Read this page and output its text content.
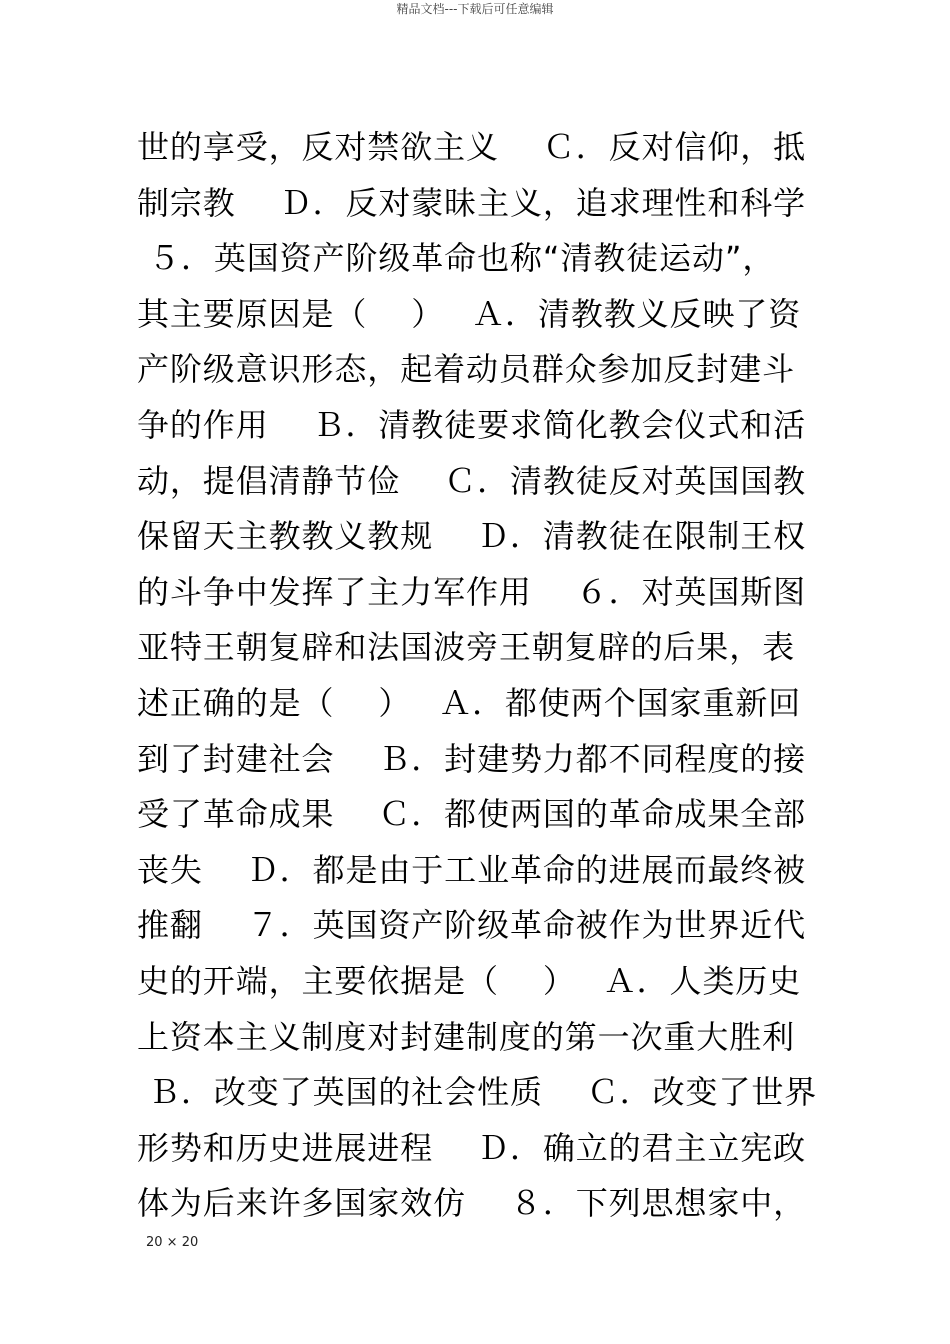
精品文档---下载后可任意编辑
世的享受，反对禁欲主义　 Ｃ．反对信仰，抵
制宗教　 Ｄ．反对蒙昧主义，追求理性和科学
５．英国资产阶级革命也称“清教徒运动”，
其主要原因是（　 ）　 Ａ．清教教义反映了资
产阶级意识形态，起着动员群众参加反封建斗
争的作用　 Ｂ．清教徒要求简化教会仪式和活
动，提倡清静节俭　 Ｃ．清教徒反对英国国教
保留天主教教义教规　 Ｄ．清教徒在限制王权
的斗争中发挥了主力军作用　 ６．对英国斯图
亚特王朝复辟和法国波旁王朝复辟的后果，表
述正确的是（　 ）　 Ａ．都使两个国家重新回
到了封建社会　 Ｂ．封建势力都不同程度的接
受了革命成果　 Ｃ．都使两国的革命成果全部
丧失　 Ｄ．都是由于工业革命的进展而最终被
推翻　 ７．英国资产阶级革命被作为世界近代
史的开端，主要依据是（　 ）　 Ａ．人类历史
上资本主义制度对封建制度的第一次重大胜利
Ｂ．改变了英国的社会性质　 Ｃ．改变了世界
形势和历史进展进程　 Ｄ．确立的君主立宪政
体为后来许多国家效仿　 ８．下列思想家中，
20 × 20
